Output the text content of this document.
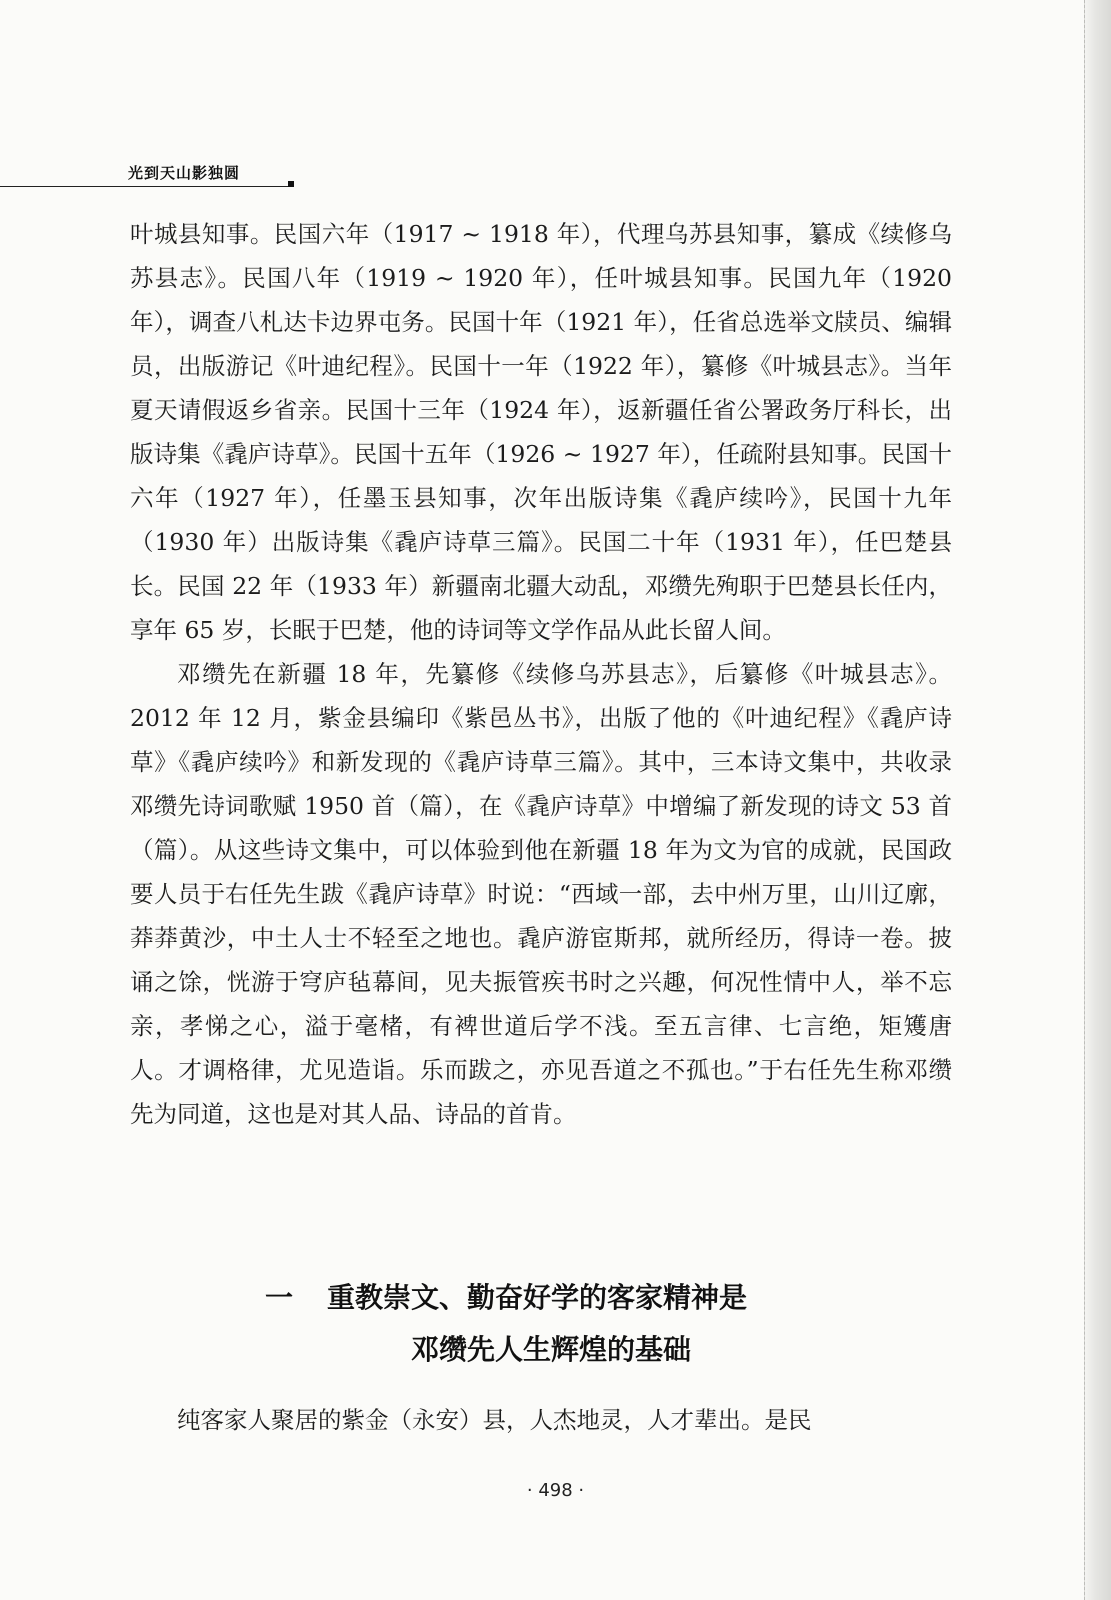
光到天山影独圆

叶城县知事。民国六年（1917 ~ 1918 年），代理乌苏县知事，纂成《续修乌苏县志》。民国八年（1919 ~ 1920 年），任叶城县知事。民国九年（1920 年），调查八札达卡边界屯务。民国十年（1921 年），任省总选举文牍员、编辑员，出版游记《叶迪纪程》。民国十一年（1922 年），纂修《叶城县志》。当年夏天请假返乡省亲。民国十三年（1924 年），返新疆任省公署政务厅科长，出版诗集《毳庐诗草》。民国十五年（1926 ~ 1927 年），任疏附县知事。民国十六年（1927 年），任墨玉县知事，次年出版诗集《毳庐续吟》，民国十九年（1930 年）出版诗集《毳庐诗草三篇》。民国二十年（1931 年），任巴楚县长。民国 22 年（1933 年）新疆南北疆大动乱，邓缵先殉职于巴楚县长任内，享年 65 岁，长眠于巴楚，他的诗词等文学作品从此长留人间。

邓缵先在新疆 18 年，先纂修《续修乌苏县志》，后纂修《叶城县志》。2012 年 12 月，紫金县编印《紫邑丛书》，出版了他的《叶迪纪程》《毳庐诗草》《毳庐续吟》和新发现的《毳庐诗草三篇》。其中，三本诗文集中，共收录邓缵先诗词歌赋 1950 首（篇），在《毳庐诗草》中增编了新发现的诗文 53 首（篇）。从这些诗文集中，可以体验到他在新疆 18 年为文为官的成就，民国政要人员于右任先生跋《毳庐诗草》时说：“西域一部，去中州万里，山川辽廓，莽莽黄沙，中土人士不轻至之地也。毳庐游宦斯邦，就所经历，得诗一卷。披诵之馀，恍游于穹庐毡幕间，见夫振管疾书时之兴趣，何况性情中人，举不忘亲，孝悌之心，溢于毫楮，有裨世道后学不浅。至五言律、七言绝，矩矱唐人。才调格律，尤见造诣。乐而跋之，亦见吾道之不孤也。”于右任先生称邓缵先为同道，这也是对其人品、诗品的首肯。

一 重教崇文、勤奋好学的客家精神是
邓缵先人生辉煌的基础

纯客家人聚居的紫金（永安）县，人杰地灵，人才辈出。是民

· 498 ·
